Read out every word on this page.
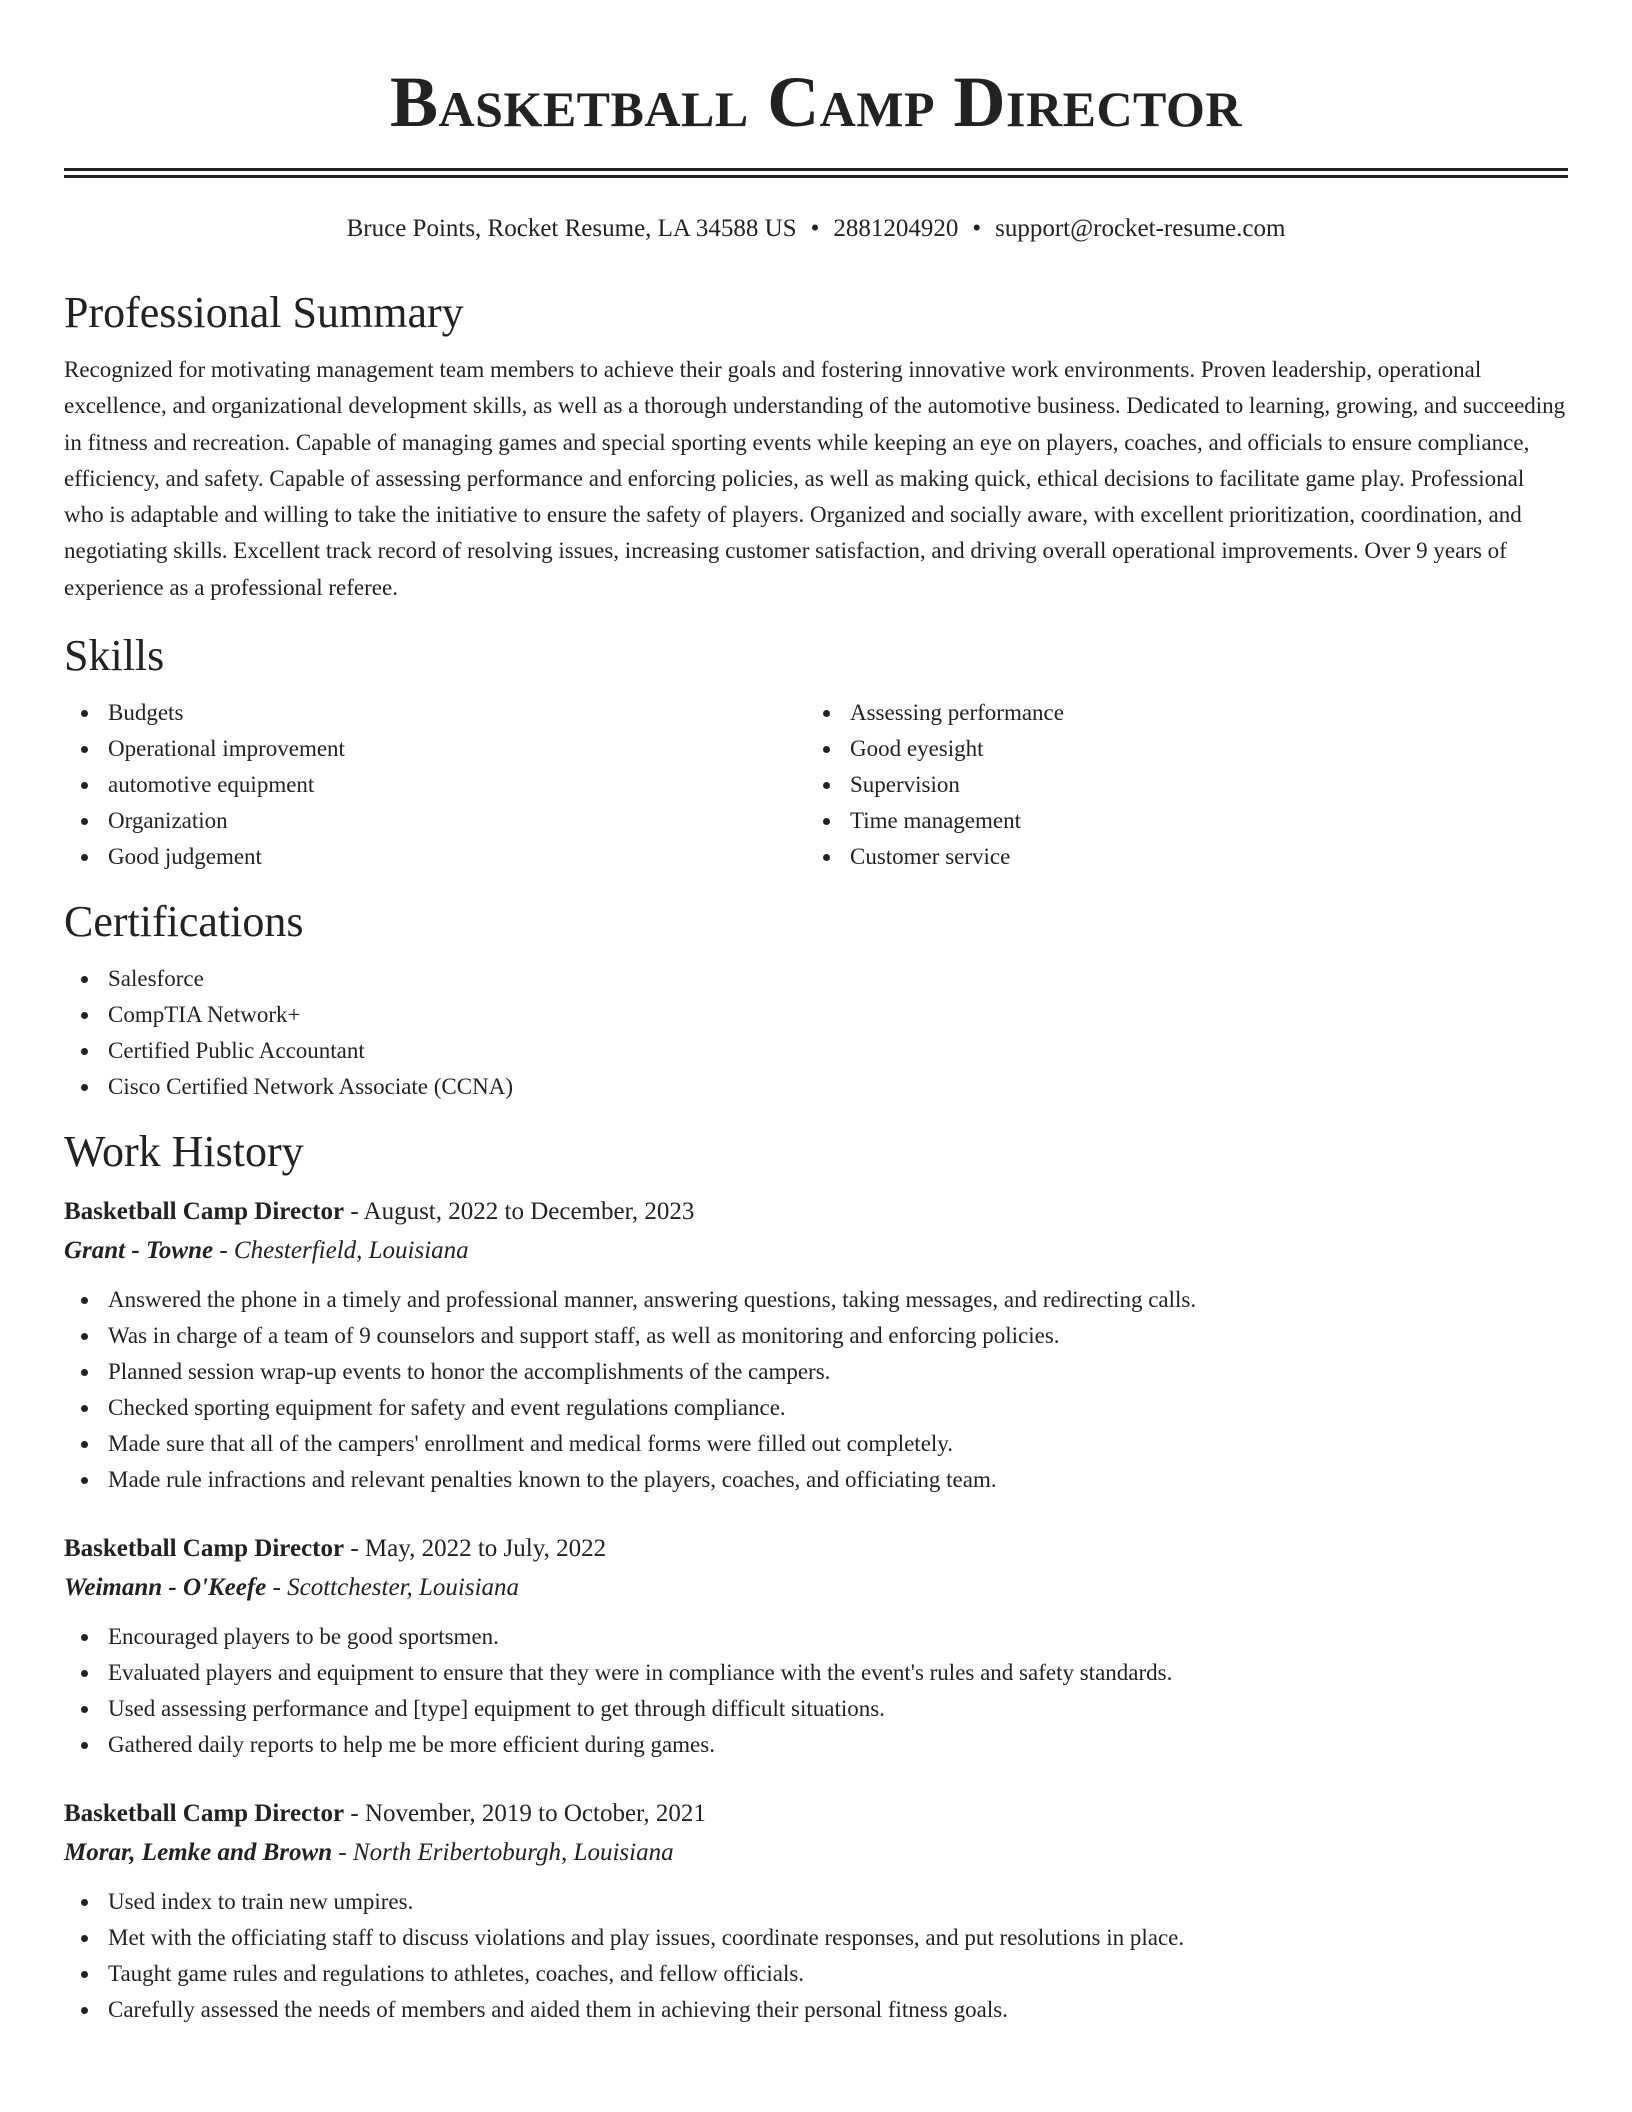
Basketball Camp Director
Bruce Points, Rocket Resume, LA 34588 US • 2881204920 • support@rocket-resume.com
Professional Summary

Recognized for motivating management team members to achieve their goals and fostering innovative work environments. Proven leadership, operational excellence, and organizational development skills, as well as a thorough understanding of the automotive business. Dedicated to learning, growing, and succeeding in fitness and recreation. Capable of managing games and special sporting events while keeping an eye on players, coaches, and officials to ensure compliance, efficiency, and safety. Capable of assessing performance and enforcing policies, as well as making quick, ethical decisions to facilitate game play. Professional who is adaptable and willing to take the initiative to ensure the safety of players. Organized and socially aware, with excellent prioritization, coordination, and negotiating skills. Excellent track record of resolving issues, increasing customer satisfaction, and driving overall operational improvements. Over 9 years of experience as a professional referee.

Skills
Budgets
Operational improvement
automotive equipment
Organization
Good judgement
Assessing performance
Good eyesight
Supervision
Time management
Customer service
Certifications
Salesforce
CompTIA Network+
Certified Public Accountant
Cisco Certified Network Associate (CCNA)
Work History
Basketball Camp Director - August, 2022 to December, 2023
Grant - Towne - Chesterfield, Louisiana
Answered the phone in a timely and professional manner, answering questions, taking messages, and redirecting calls.
Was in charge of a team of 9 counselors and support staff, as well as monitoring and enforcing policies.
Planned session wrap-up events to honor the accomplishments of the campers.
Checked sporting equipment for safety and event regulations compliance.
Made sure that all of the campers' enrollment and medical forms were filled out completely.
Made rule infractions and relevant penalties known to the players, coaches, and officiating team.
Basketball Camp Director - May, 2022 to July, 2022
Weimann - O'Keefe - Scottchester, Louisiana
Encouraged players to be good sportsmen.
Evaluated players and equipment to ensure that they were in compliance with the event's rules and safety standards.
Used assessing performance and [type] equipment to get through difficult situations.
Gathered daily reports to help me be more efficient during games.
Basketball Camp Director - November, 2019 to October, 2021
Morar, Lemke and Brown - North Eribertoburgh, Louisiana
Used index to train new umpires.
Met with the officiating staff to discuss violations and play issues, coordinate responses, and put resolutions in place.
Taught game rules and regulations to athletes, coaches, and fellow officials.
Carefully assessed the needs of members and aided them in achieving their personal fitness goals.
